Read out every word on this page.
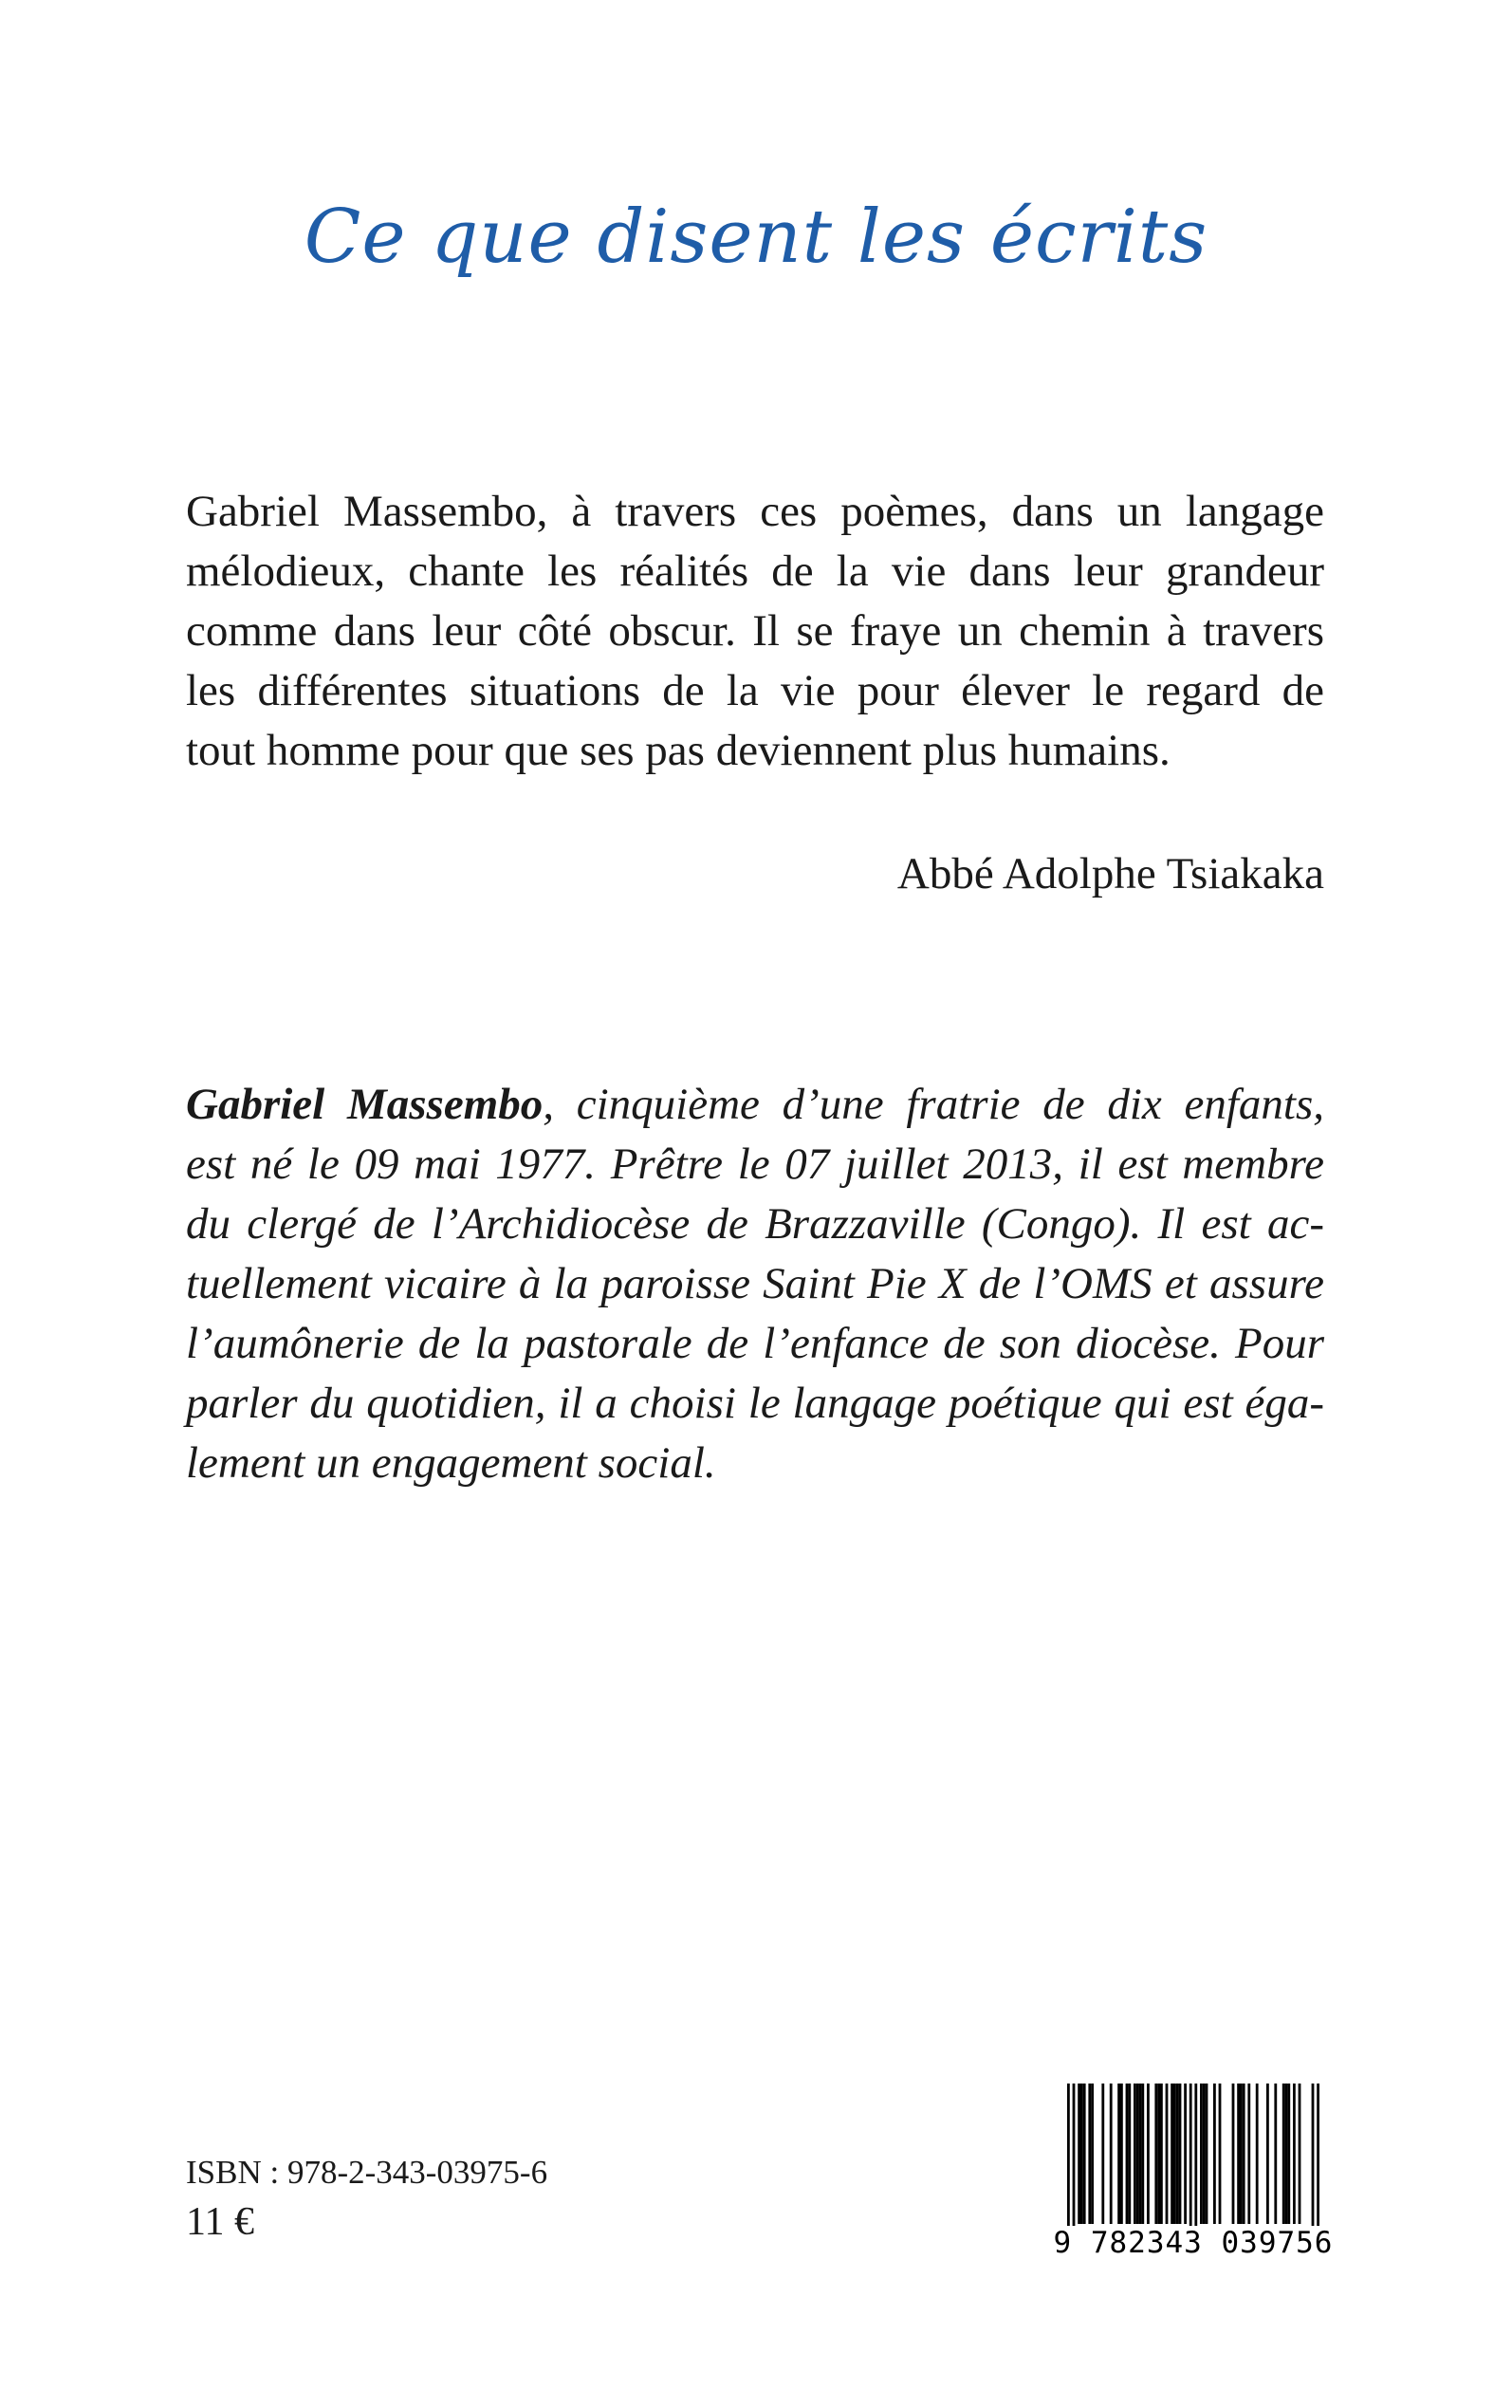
Ce que disent les écrits
Gabriel Massembo, à travers ces poèmes, dans un langage
mélodieux, chante les réalités de la vie dans leur grandeur
comme dans leur côté obscur. Il se fraye un chemin à travers
les différentes situations de la vie pour élever le regard de
tout homme pour que ses pas deviennent plus humains.
Abbé Adolphe Tsiakaka
Gabriel Massembo, cinquième d’une fratrie de dix enfants,
est né le 09 mai 1977. Prêtre le 07 juillet 2013, il est membre
du clergé de l’Archidiocèse de Brazzaville (Congo). Il est ac-
tuellement vicaire à la paroisse Saint Pie X de l’OMS et assure
l’aumônerie de la pastorale de l’enfance de son diocèse. Pour
parler du quotidien, il a choisi le langage poétique qui est éga-
lement un engagement social.
ISBN : 978-2-343-03975-6
11 €	9 782343 039756
